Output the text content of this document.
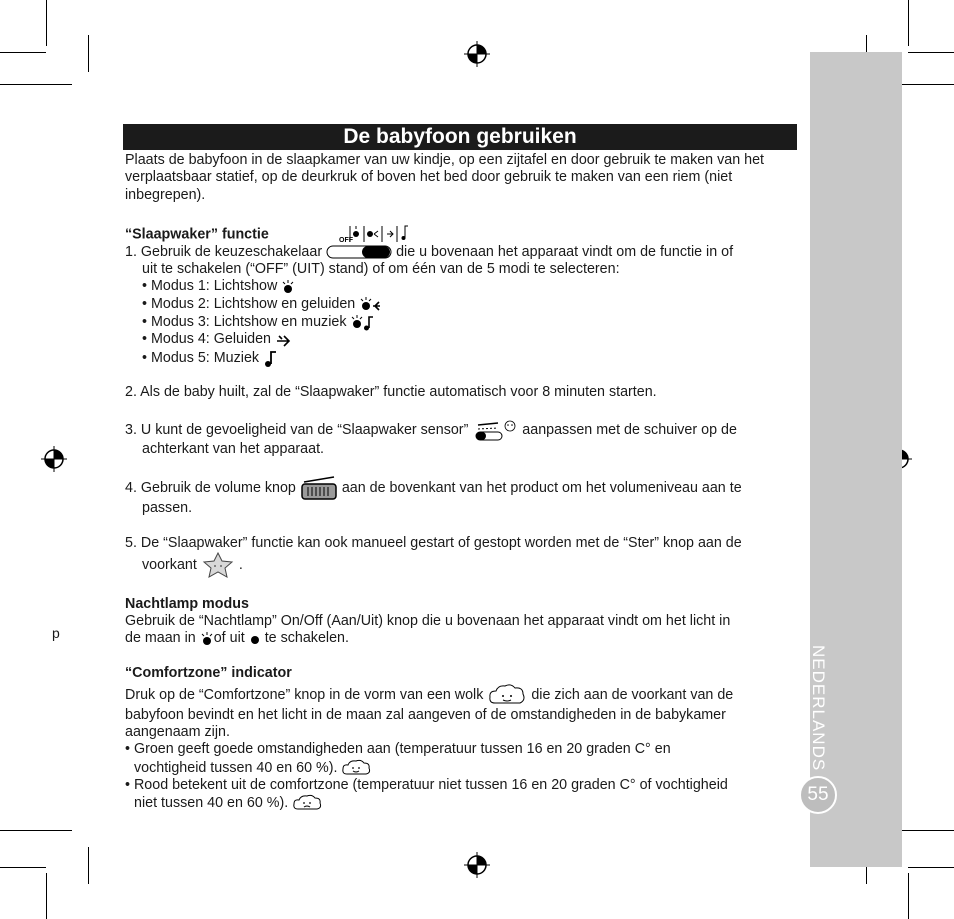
NEDERLANDS
55
p
De babyfoon gebruiken

Plaats de babyfoon in de slaapkamer van uw kindje, op een zijtafel en door gebruik te maken van het verplaatsbaar statief, op de deurkruk of boven het bed door gebruik te maken van een riem (niet inbegrepen).

“Slaapwaker” functie	OFF

1. Gebruik de keuzeschakelaar	die u bovenaan het apparaat vindt om de functie in of

uit te schakelen (“OFF” (UIT) stand) of om één van de 5 modi te selecteren:

• Modus 1: Lichtshow

• Modus 2: Lichtshow en geluiden

• Modus 3: Lichtshow en muziek

• Modus 4: Geluiden

• Modus 5: Muziek

2. Als de baby huilt, zal de “Slaapwaker” functie automatisch voor 8 minuten starten.

3. U kunt de gevoeligheid van de “Slaapwaker sensor”	aanpassen met de schuiver op de

achterkant van het apparaat.

4. Gebruik de volume knop	aan de bovenkant van het product om het volumeniveau aan te

passen.

5. De “Slaapwaker” functie kan ook manueel gestart of gestopt worden met de “Ster” knop aan de

voorkant	.

Nachtlamp modus

Gebruik de “Nachtlamp” On/Off (Aan/Uit) knop die u bovenaan het apparaat vindt om het licht in

de maan in of uit te schakelen.

“Comfortzone” indicator

Druk op de “Comfortzone” knop in de vorm van een wolk	die zich aan de voorkant van de

babyfoon bevindt en het licht in de maan zal aangeven of de omstandigheden in de babykamer aangenaam zijn.

• Groen geeft goede omstandigheden aan (temperatuur tussen 16 en 20 graden C° en

vochtigheid tussen 40 en 60 %).

• Rood betekent uit de comfortzone (temperatuur niet tussen 16 en 20 graden C° of vochtigheid

niet tussen 40 en 60 %).
